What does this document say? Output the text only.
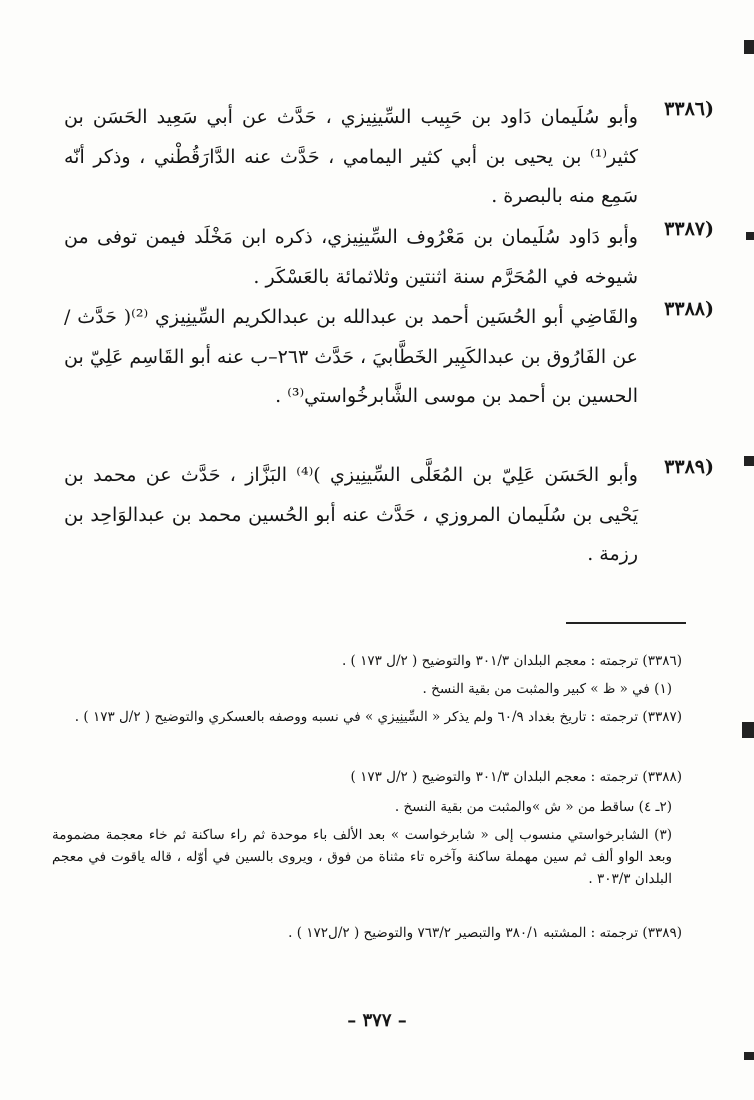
(٣٣٨٦
وأبو سُلَيمان دَاود بن حَبِيب السِّينِيزي ، حَدَّث عن أبي سَعِيد الحَسَن بن كثير⁽¹⁾ بن يحيى بن أبي كثير اليمامي ، حَدَّث عنه الدَّارَقُطْني ، وذكر أنّه سَمِع منه بالبصرة .
(٣٣٨٧
وأبو دَاود سُلَيمان بن مَعْرُوف السِّينِيزي، ذكره ابن مَخْلَد فيمن توفى من شيوخه في المُحَرَّم سنة اثنتين وثلاثمائة بالعَسْكَر .
(٣٣٨٨
والقَاضِي أبو الحُسَين أحمد بن عبدالله بن عبدالكريم السِّينِيزي ⁽²⁾( حَدَّث / عن الفَارُوق بن عبدالكَبِير الخَطَّابيَ ، حَدَّث ٢٦٣–ب عنه أبو القَاسِم عَلِيّ بن الحسين بن أحمد بن موسى الشَّابرخُواستي⁽³⁾ .
(٣٣٨٩
وأبو الحَسَن عَلِيّ بن المُعَلَّى السِّينِيزي )⁽⁴⁾ البَزَّاز ، حَدَّث عن محمد بن يَحْيى بن سُلَيمان المروزي ، حَدَّث عنه أبو الحُسين محمد بن عبدالوَاحِد بن رزمة .
(٣٣٨٦) ترجمته : معجم البلدان ٣٠١/٣ والتوضيح ( ٢/ل ١٧٣ ) .
(١) في « ظ » كبير والمثبت من بقية النسخ .
(٣٣٨٧) ترجمته : تاريخ بغداد ٦٠/٩ ولم يذكر « السِّينِيزي » في نسبه ووصفه بالعسكري والتوضيح ( ٢/ل ١٧٣ ) .
(٣٣٨٨) ترجمته : معجم البلدان ٣٠١/٣ والتوضيح ( ٢/ل ١٧٣ )
(٢ـ ٤) ساقط من « ش »والمثبت من بقية النسخ .
(٣) الشابرخواستي منسوب إلى « شابرخواست » بعد الألف باء موحدة ثم راء ساكنة ثم خاء معجمة مضمومة وبعد الواو ألف ثم سين مهملة ساكنة وآخره تاء مثناة من فوق ، ويروى بالسين في أوّله ، قاله ياقوت في معجم البلدان ٣٠٣/٣ .
(٣٣٨٩) ترجمته : المشتبه ٣٨٠/١ والتبصير ٧٦٣/٢ والتوضيح ( ٢/ل١٧٢ ) .
– ٣٧٧ –
